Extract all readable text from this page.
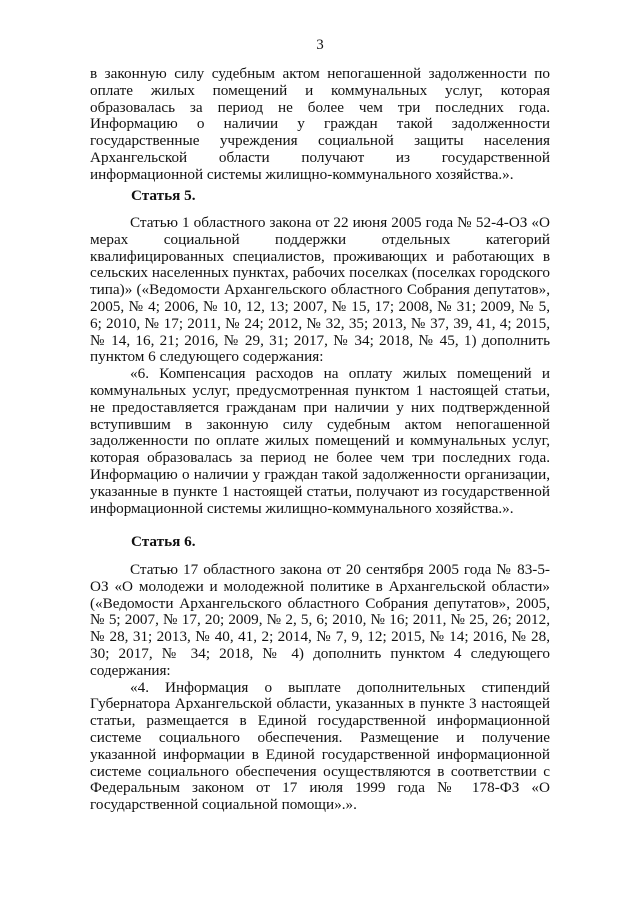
3

в законную силу судебным актом непогашенной задолженности по оплате жилых помещений и коммунальных услуг, которая образовалась за период не более чем три последних года. Информацию о наличии у граждан такой задолженности государственные учреждения социальной защиты населения Архангельской области получают из государственной информационной системы жилищно-коммунального хозяйства.».

Статья 5.

Статью 1 областного закона от 22 июня 2005 года № 52-4-ОЗ «О мерах социальной поддержки отдельных категорий квалифицированных специалистов, проживающих и работающих в сельских населенных пунктах, рабочих поселках (поселках городского типа)» («Ведомости Архангельского областного Собрания депутатов», 2005, № 4; 2006, № 10, 12, 13; 2007, № 15, 17; 2008, № 31; 2009, № 5, 6; 2010, № 17; 2011, № 24; 2012, № 32, 35; 2013, № 37, 39, 41, 4; 2015, № 14, 16, 21; 2016, № 29, 31; 2017, № 34; 2018, № 45, 1) дополнить пунктом 6 следующего содержания:

«6. Компенсация расходов на оплату жилых помещений и коммунальных услуг, предусмотренная пунктом 1 настоящей статьи, не предоставляется гражданам при наличии у них подтвержденной вступившим в законную силу судебным актом непогашенной задолженности по оплате жилых помещений и коммунальных услуг, которая образовалась за период не более чем три последних года. Информацию о наличии у граждан такой задолженности организации, указанные в пункте 1 настоящей статьи, получают из государственной информационной системы жилищно-коммунального хозяйства.».

Статья 6.

Статью 17 областного закона от 20 сентября 2005 года № 83-5-ОЗ «О молодежи и молодежной политике в Архангельской области» («Ведомости Архангельского областного Собрания депутатов», 2005, № 5; 2007, № 17, 20; 2009, № 2, 5, 6; 2010, № 16; 2011, № 25, 26; 2012, № 28, 31; 2013, № 40, 41, 2; 2014, № 7, 9, 12; 2015, № 14; 2016, № 28, 30; 2017, № 34; 2018, № 4) дополнить пунктом 4 следующего содержания:

«4. Информация о выплате дополнительных стипендий Губернатора Архангельской области, указанных в пункте 3 настоящей статьи, размещается в Единой государственной информационной системе социального обеспечения. Размещение и получение указанной информации в Единой государственной информационной системе социального обеспечения осуществляются в соответствии с Федеральным законом от 17 июля 1999 года № 178-ФЗ «О государственной социальной помощи».».
